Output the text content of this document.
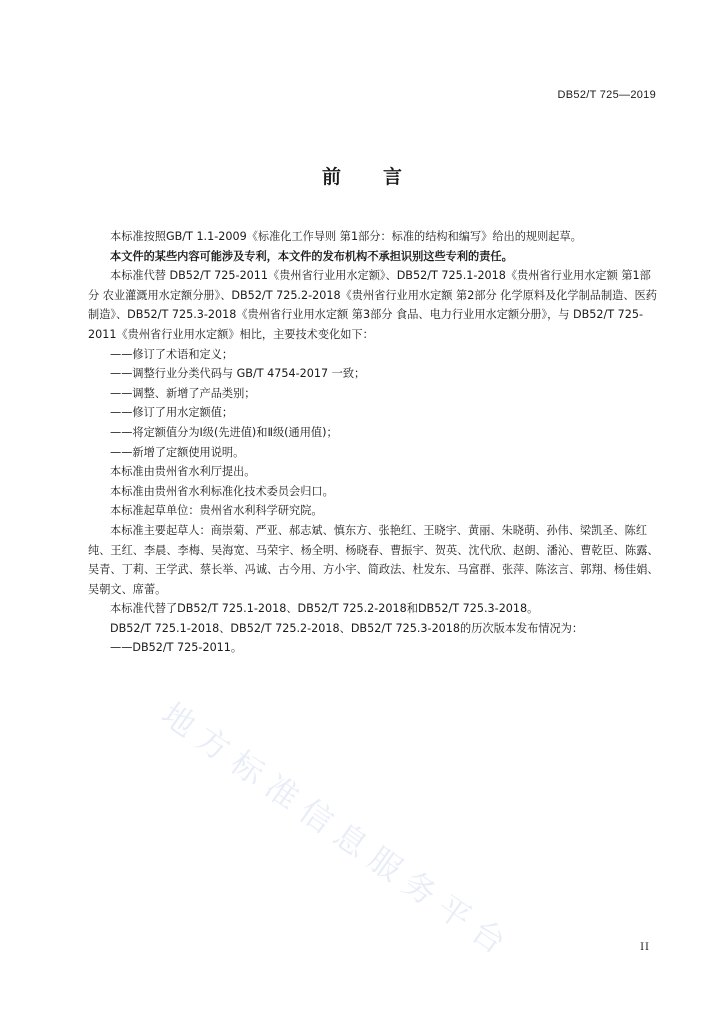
DB52/T 725—2019
前言

本标准按照GB/T 1.1-2009《标准化工作导则 第1部分：标准的结构和编写》给出的规则起草。

本文件的某些内容可能涉及专利，本文件的发布机构不承担识别这些专利的责任。

本标准代替 DB52/T 725-2011《贵州省行业用水定额》、DB52/T 725.1-2018《贵州省行业用水定额 第1部分 农业灌溉用水定额分册》、DB52/T 725.2-2018《贵州省行业用水定额 第2部分 化学原料及化学制品制造、医药制造》、DB52/T 725.3-2018《贵州省行业用水定额 第3部分 食品、电力行业用水定额分册》，与 DB52/T 725-2011《贵州省行业用水定额》相比，主要技术变化如下：

——修订了术语和定义；

——调整行业分类代码与 GB/T 4754-2017 一致；

——调整、新增了产品类别；

——修订了用水定额值；

——将定额值分为Ⅰ级(先进值)和Ⅱ级(通用值)；

——新增了定额使用说明。

本标准由贵州省水利厅提出。

本标准由贵州省水利标准化技术委员会归口。

本标准起草单位：贵州省水利科学研究院。

本标准主要起草人：商崇菊、严亚、郝志斌、慎东方、张艳红、王晓宇、黄丽、朱晓萌、孙伟、梁凯圣、陈红纯、王红、李晨、李梅、吴海宽、马荣宇、杨全明、杨晓春、曹振宇、贺英、沈代欣、赵朗、潘沁、曹乾臣、陈露、吴青、丁莉、王学武、蔡长举、冯诚、古今用、方小宇、简政法、杜发东、马富群、张萍、陈泫言、郭翔、杨佳娟、吴朝文、席蕾。

本标准代替了DB52/T 725.1-2018、DB52/T 725.2-2018和DB52/T 725.3-2018。

DB52/T 725.1-2018、DB52/T 725.2-2018、DB52/T 725.3-2018的历次版本发布情况为：

——DB52/T 725-2011。

地方标准信息服务平台	II
